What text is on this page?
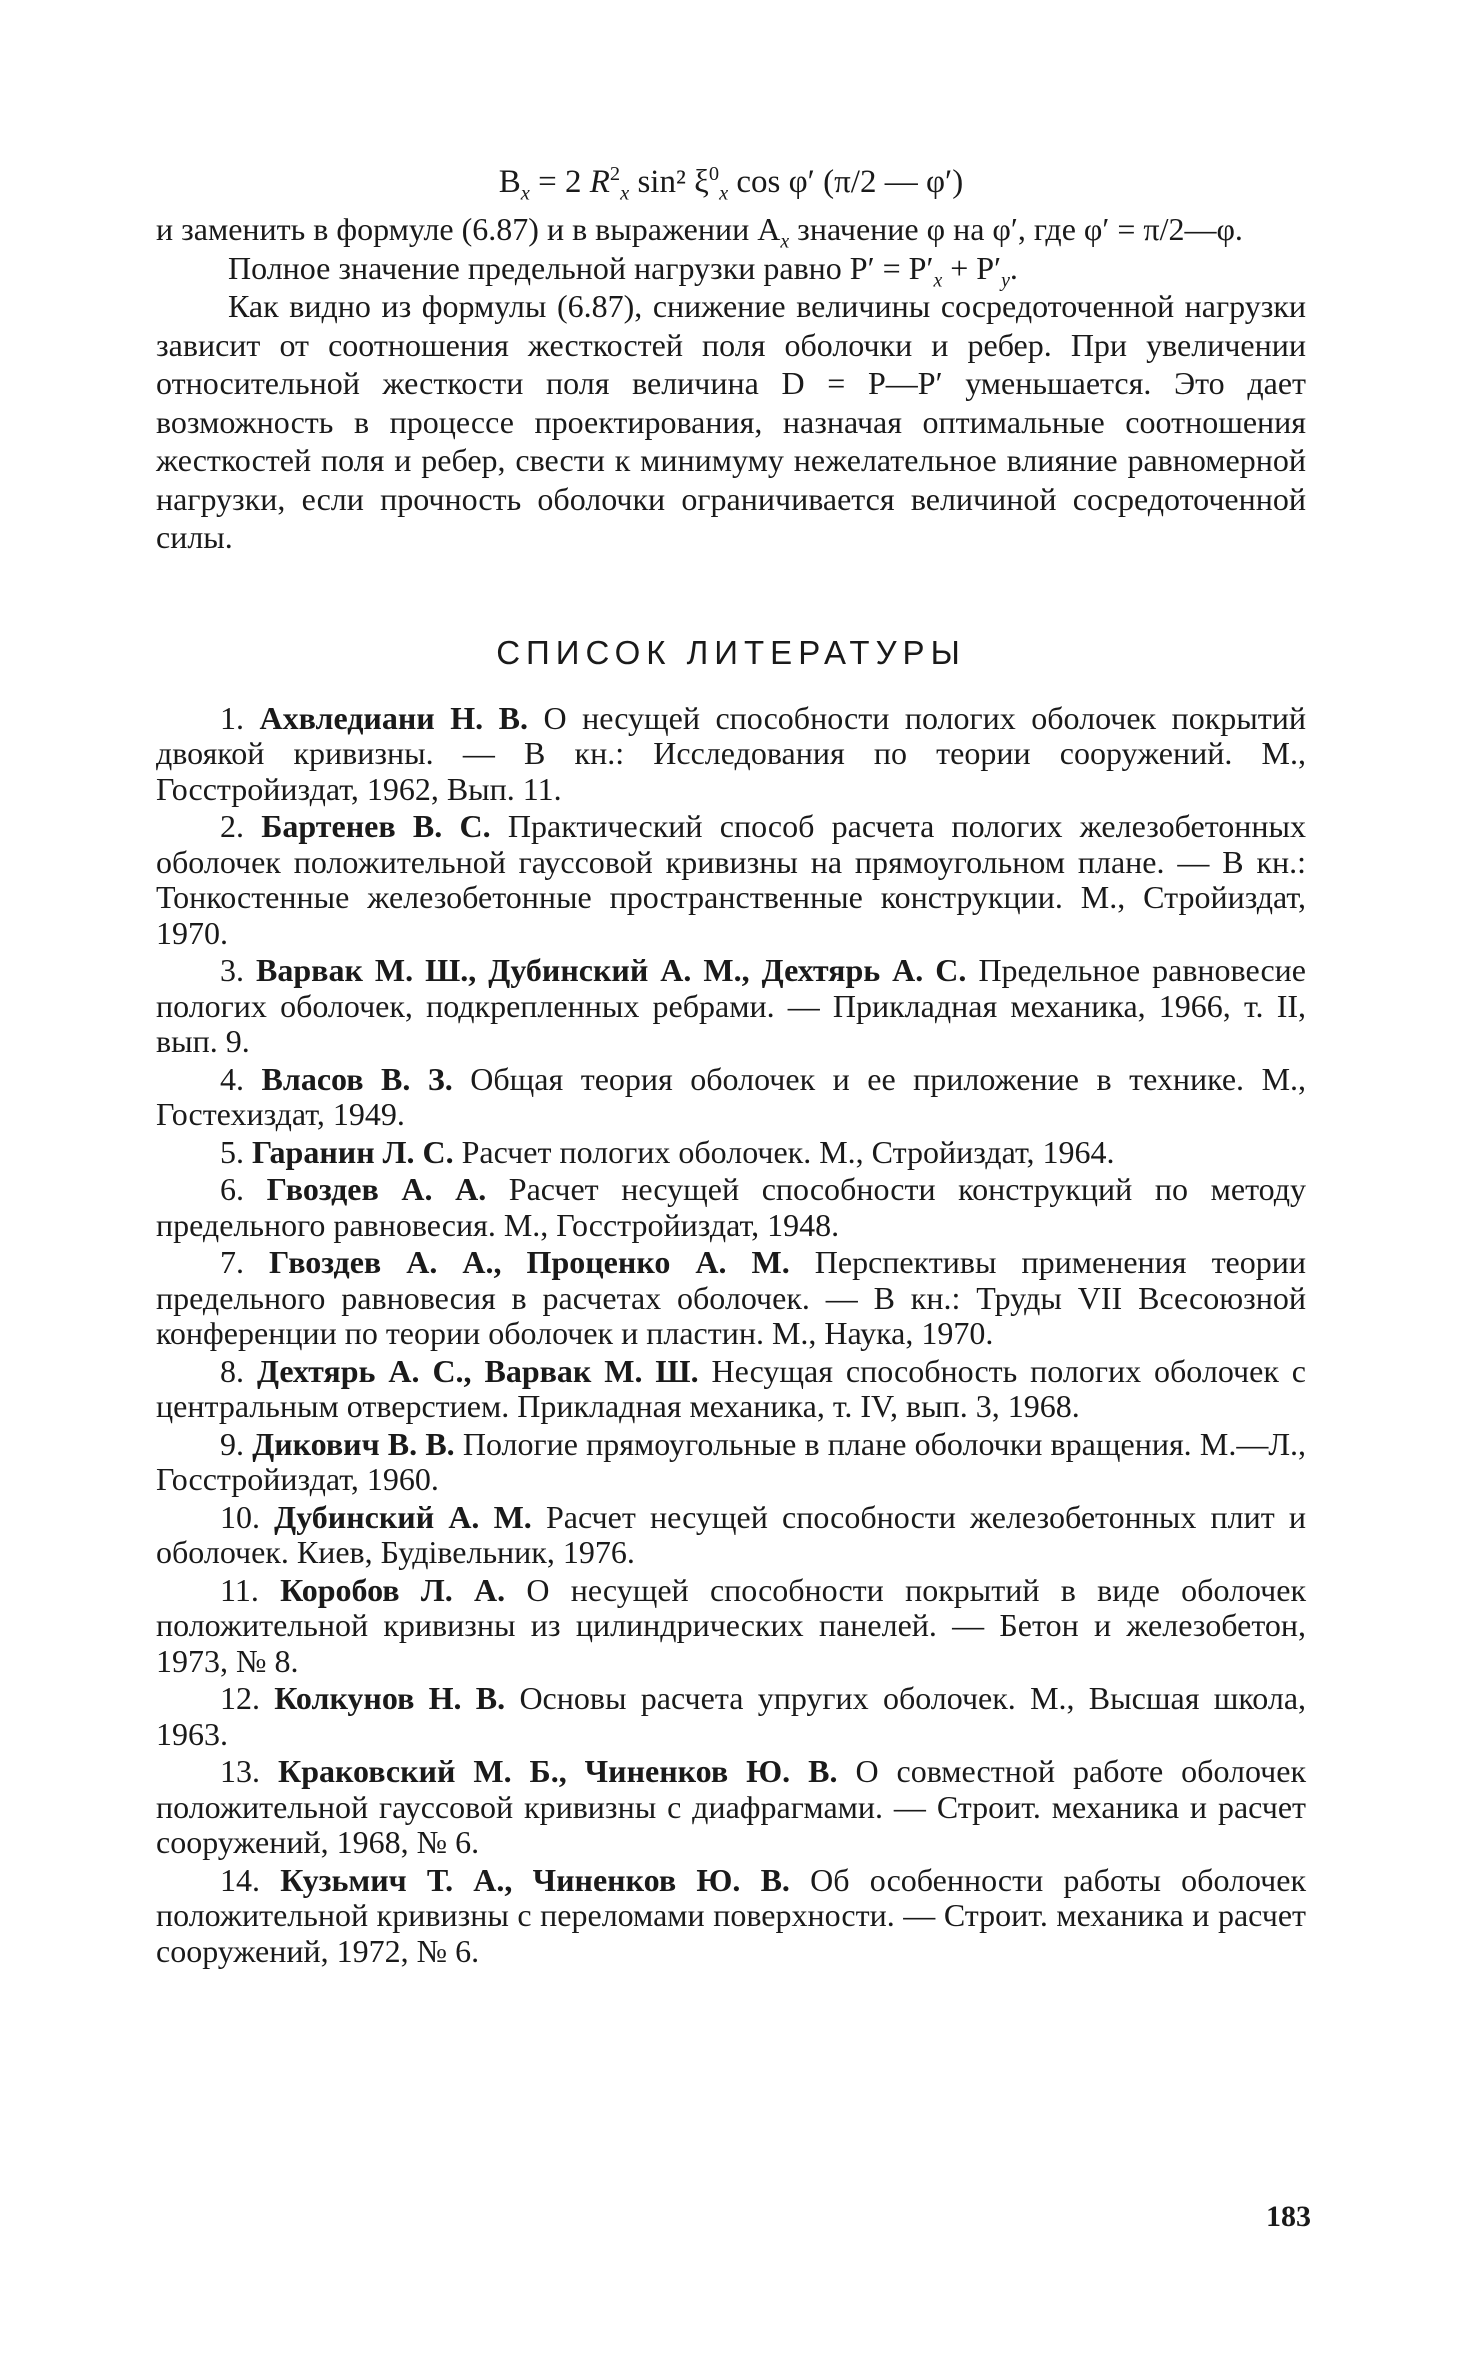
$B_x = 2$ $R^2_x$ sin² $\xi^0_x$ cos φ′ (π/2 — φ′)

и заменить в формуле (6.87) и в выражении $A_x$ значение φ на φ′, где φ′ = π/2—φ.

Полное значение предельной нагрузки равно $P' = P'_x + P'_y$.

Как видно из формулы (6.87), снижение величины сосредоточенной нагрузки зависит от соотношения жесткостей поля оболочки и ребер. При увеличении относительной жесткости поля величина D = P—P′ уменьшается. Это дает возможность в процессе проектирования, назначая оптимальные соотношения жесткостей поля и ребер, свести к минимуму нежелательное влияние равномерной нагрузки, если прочность оболочки ограничивается величиной сосредоточенной силы.

СПИСОК ЛИТЕРАТУРЫ

1. Ахвледиани Н. В. О несущей способности пологих оболочек покрытий двоякой кривизны. — В кн.: Исследования по теории сооружений. М., Госстройиздат, 1962, Вып. 11.

2. Бартенев В. С. Практический способ расчета пологих железобетонных оболочек положительной гауссовой кривизны на прямоугольном плане. — В кн.: Тонкостенные железобетонные пространственные конструкции. М., Стройиздат, 1970.

3. Варвак М. Ш., Дубинский А. М., Дехтярь А. С. Предельное равновесие пологих оболочек, подкрепленных ребрами. — Прикладная механика, 1966, т. II, вып. 9.

4. Власов В. З. Общая теория оболочек и ее приложение в технике. М., Гостехиздат, 1949.

5. Гаранин Л. С. Расчет пологих оболочек. М., Стройиздат, 1964.

6. Гвоздев А. А. Расчет несущей способности конструкций по методу предельного равновесия. М., Госстройиздат, 1948.

7. Гвоздев А. А., Проценко А. М. Перспективы применения теории предельного равновесия в расчетах оболочек. — В кн.: Труды VII Всесоюзной конференции по теории оболочек и пластин. М., Наука, 1970.

8. Дехтярь А. С., Варвак М. Ш. Несущая способность пологих оболочек с центральным отверстием. Прикладная механика, т. IV, вып. 3, 1968.

9. Дикович В. В. Пологие прямоугольные в плане оболочки вращения. М.—Л., Госстройиздат, 1960.

10. Дубинский А. М. Расчет несущей способности железобетонных плит и оболочек. Киев, Будівельник, 1976.

11. Коробов Л. А. О несущей способности покрытий в виде оболочек положительной кривизны из цилиндрических панелей. — Бетон и железобетон, 1973, № 8.

12. Колкунов Н. В. Основы расчета упругих оболочек. М., Высшая школа, 1963.

13. Краковский М. Б., Чиненков Ю. В. О совместной работе оболочек положительной гауссовой кривизны с диафрагмами. — Строит. механика и расчет сооружений, 1968, № 6.

14. Кузьмич Т. А., Чиненков Ю. В. Об особенности работы оболочек положительной кривизны с переломами поверхности. — Строит. механика и расчет сооружений, 1972, № 6.

183
